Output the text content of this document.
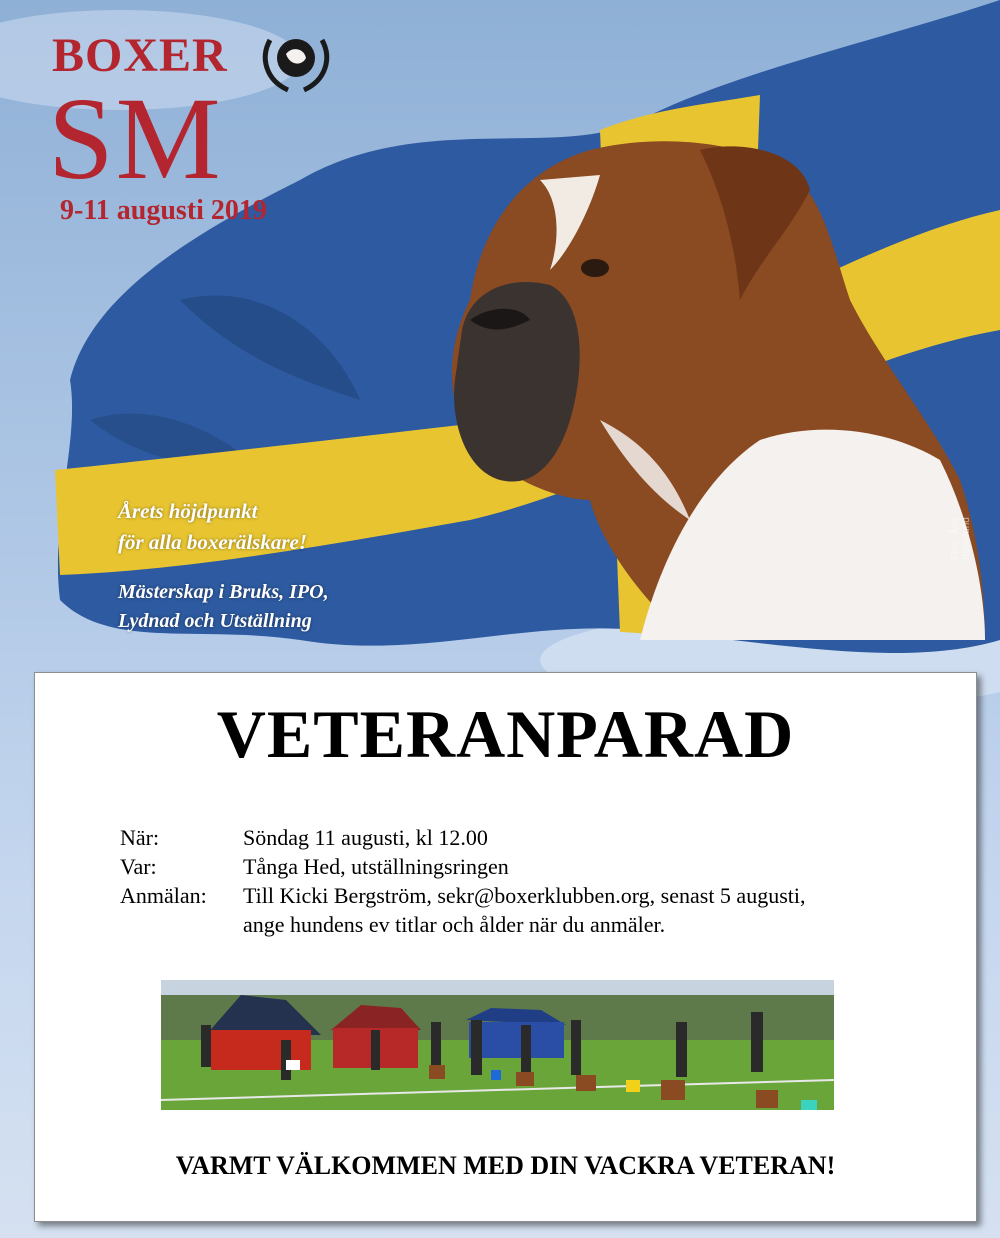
BOXER
SM
9-11 augusti 2019
Årets höjdpunkt
för alla boxerälskare!
Mästerskap i Bruks, IPO,
Lydnad och Utställning
Foto: Åse Rönnlund
VETERANPARAD
När:	Söndag 11 augusti, kl 12.00
Var:	Tånga Hed, utställningsringen
Anmälan:	Till Kicki Bergström, sekr@boxerklubben.org, senast 5 augusti,
ange hundens ev titlar och ålder när du anmäler.
VARMT VÄLKOMMEN MED DIN VACKRA VETERAN!
